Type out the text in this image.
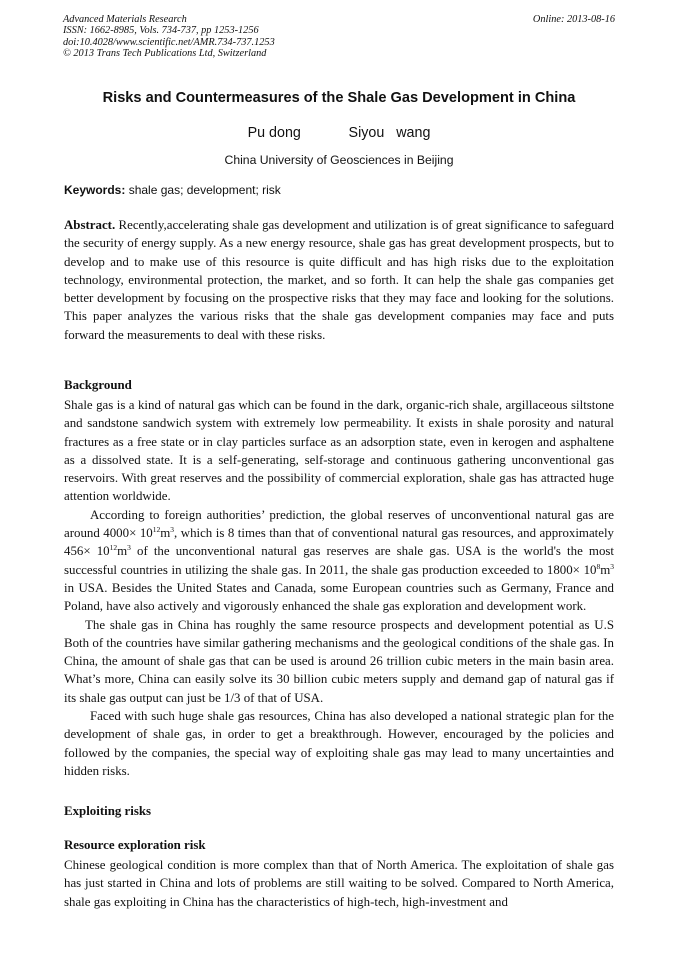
Advanced Materials Research
ISSN: 1662-8985, Vols. 734-737, pp 1253-1256
doi:10.4028/www.scientific.net/AMR.734-737.1253
© 2013 Trans Tech Publications Ltd, Switzerland
Online: 2013-08-16
Risks and Countermeasures of the Shale Gas Development in China
Pu dong	Siyou   wang
China University of Geosciences in Beijing
Keywords: shale gas; development; risk

Abstract. Recently,accelerating shale gas development and utilization is of great significance to safeguard the security of energy supply. As a new energy resource, shale gas has great development prospects, but to develop and to make use of this resource is quite difficult and has high risks due to the exploitation technology, environmental protection, the market, and so forth. It can help the shale gas companies get better development by focusing on the prospective risks that they may face and looking for the solutions. This paper analyzes the various risks that the shale gas development companies may face and puts forward the measurements to deal with these risks.

Background

Shale gas is a kind of natural gas which can be found in the dark, organic-rich shale, argillaceous siltstone and sandstone sandwich system with extremely low permeability. It exists in shale porosity and natural fractures as a free state or in clay particles surface as an adsorption state, even in kerogen and asphaltene as a dissolved state. It is a self-generating, self-storage and continuous gathering unconventional gas reservoirs. With great reserves and the possibility of commercial exploration, shale gas has attracted huge attention worldwide.

According to foreign authorities’ prediction, the global reserves of unconventional natural gas are around $4000\times 10^{12}m^3$, which is 8 times than that of conventional natural gas resources, and approximately $456\times 10^{12}m^3$ of the unconventional natural gas reserves are shale gas. USA is the world's the most successful countries in utilizing the shale gas. In 2011, the shale gas production exceeded to $1800\times 10^8m^3$ in USA. Besides the United States and Canada, some European countries such as Germany, France and Poland, have also actively and vigorously enhanced the shale gas exploration and development work.

The shale gas in China has roughly the same resource prospects and development potential as U.S Both of the countries have similar gathering mechanisms and the geological conditions of the shale gas. In China, the amount of shale gas that can be used is around 26 trillion cubic meters in the main basin area. What’s more, China can easily solve its 30 billion cubic meters supply and demand gap of natural gas if its shale gas output can just be 1/3 of that of USA.

Faced with such huge shale gas resources, China has also developed a national strategic plan for the development of shale gas, in order to get a breakthrough. However, encouraged by the policies and followed by the companies, the special way of exploiting shale gas may lead to many uncertainties and hidden risks.

Exploiting risks
Resource exploration risk

Chinese geological condition is more complex than that of North America. The exploitation of shale gas has just started in China and lots of problems are still waiting to be solved. Compared to North America, shale gas exploiting in China has the characteristics of high-tech, high-investment and
